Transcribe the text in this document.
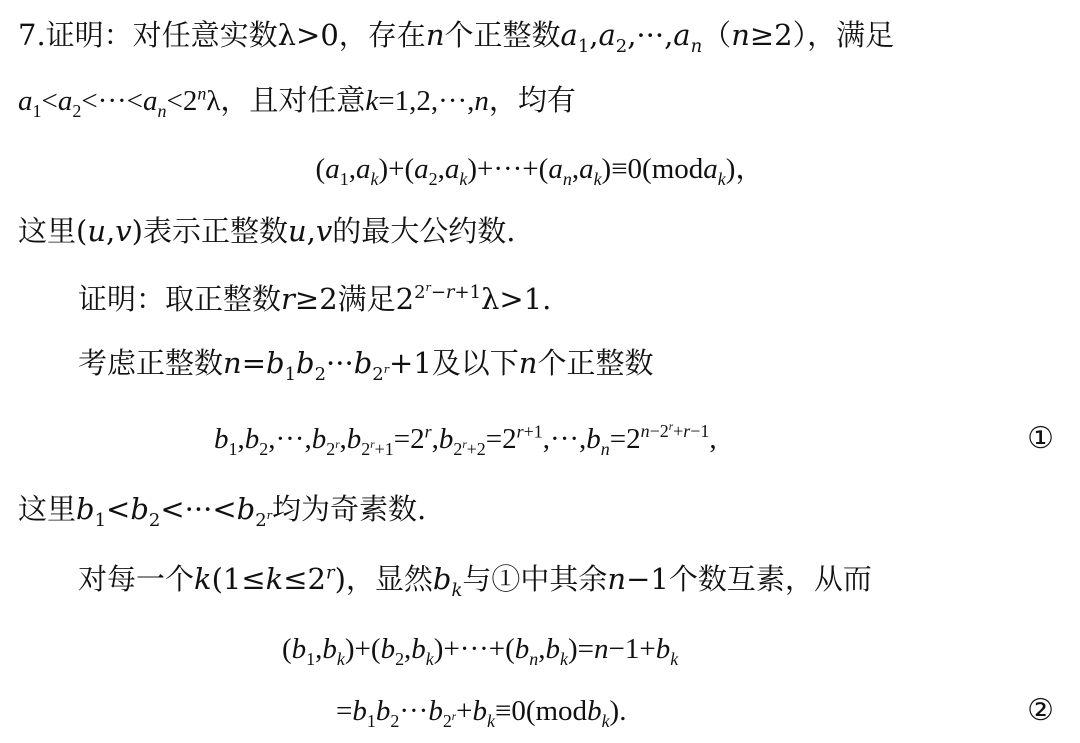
7.证明：对任意实数λ>0，存在n个正整数$a_1,a_2,\cdot\cdot\cdot,a_n(n\ge 2)$，满足
$a_1<a_2<\cdot\cdot\cdot<a_n<2^n\lambda$，且对任意k=1,2,···,n，均有
$(a_1,a_k)+(a_2,a_k)+\cdot\cdot\cdot+(a_n,a_k)\equiv 0(moda_k)$，
这里(u,v)表示正整数u,v的最大公约数.
证明：取正整数r≥2满足$2^{2^r-r+1}\lambda>1$.
考虑正整数$n=b_1b_2\cdot\cdot\cdot b_{2^r}+1$及以下n个正整数
$b_1,b_2,\cdot\cdot\cdot,b_{2^r},b_{2^r+1}=2^r,b_{2^r+2}=2^{r+1},\cdot\cdot\cdot,b_n=2^{n-2^r+r-1}$,	①
这里$b_1<b_2<\cdot\cdot\cdot<b_{2^r}$均为奇素数.
对每一个$k(1\le k\le 2^r)$，显然$b_k$与①中其余n−1个数互素，从而
$(b_1,b_k)+(b_2,b_k)+\cdot\cdot\cdot+(b_n,b_k)=n-1+b_k$
$=b_1b_2\cdot\cdot\cdot b_{2^r}+b_k\equiv 0(modb_k)$.	②
